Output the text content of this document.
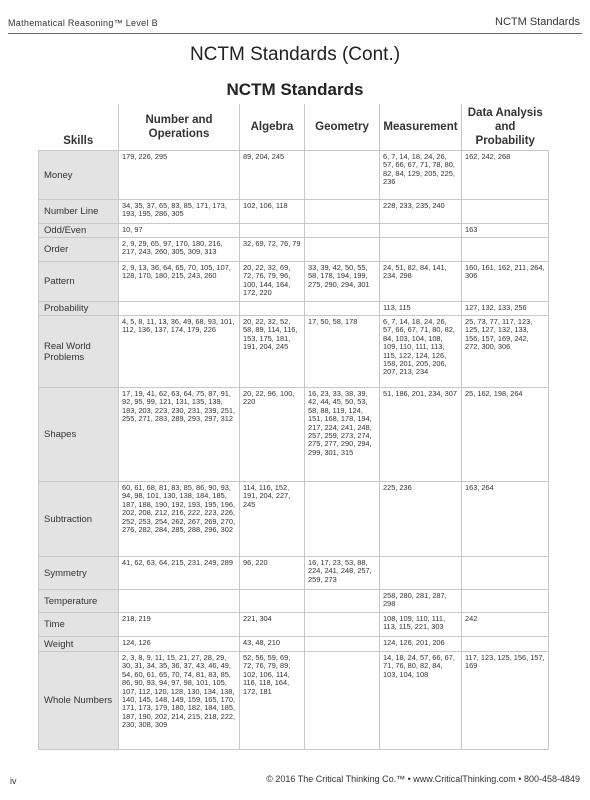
Mathematical Reasoning™ Level B	NCTM Standards
NCTM Standards (Cont.)
NCTM Standards
Skills	Number and Operations	Algebra	Geometry	Measurement	Data Analysis and Probability
Money	179, 226, 295	89, 204, 245		6, 7, 14, 18, 24, 26, 57, 66, 67, 71, 78, 80, 82, 84, 129, 205, 225, 236	162, 242, 268
Number Line	34, 35, 37, 65, 83, 85, 171, 173, 193, 195, 286, 305	102, 106, 118		228, 233, 235, 240	
Odd/Even	10, 97				163
Order	2, 9, 29, 65, 97, 170, 180, 216, 217, 243, 260, 305, 309, 313	32, 69, 72, 76, 79			
Pattern	2, 9, 13, 36, 64, 65, 70, 105, 107, 128, 170, 180, 215, 243, 260	20, 22, 32, 69, 72, 76, 79, 96, 100, 144, 164, 172, 220	33, 39, 42, 50, 55, 58, 178, 194, 199, 275, 290, 294, 301	24, 51, 82, 84, 141, 234, 298	160, 161, 162, 211, 264, 306
Probability				113, 115	127, 132, 133, 256
Real World Problems	4, 5, 8, 11, 13, 36, 49, 68, 93, 101, 112, 136, 137, 174, 179, 226	20, 22, 32, 52, 58, 89, 114, 116, 153, 175, 181, 191, 204, 245	17, 50, 58, 178	6, 7, 14, 18, 24, 26, 57, 66, 67, 71, 80, 82, 84, 103, 104, 108, 109, 110, 111, 113, 115, 122, 124, 126, 158, 201, 205, 206, 207, 213, 234	25, 73, 77, 117, 123, 125, 127, 132, 133, 156, 157, 169, 242, 272, 300, 306
Shapes	17, 19, 41, 62, 63, 64, 75, 87, 91, 92, 95, 99, 121, 131, 135, 139, 183, 203, 223, 230, 231, 239, 251, 255, 271, 283, 289, 293, 297, 312	20, 22, 96, 100, 220	16, 23, 33, 38, 39, 42, 44, 45, 50, 53, 58, 88, 119, 124, 151, 168, 178, 194, 217, 224, 241, 248, 257, 259, 273, 274, 275, 277, 290, 294, 299, 301, 315	51, 186, 201, 234, 307	25, 162, 198, 264
Subtraction	60, 61, 68, 81, 83, 85, 86, 90, 93, 94, 98, 101, 130, 138, 184, 185, 187, 188, 190, 192, 193, 195, 196, 202, 208, 212, 216, 222, 223, 226, 252, 253, 254, 262, 267, 269, 270, 276, 282, 284, 285, 288, 296, 302	114, 116, 152, 191, 204, 227, 245		225, 236	163, 264
Symmetry	41, 62, 63, 64, 215, 231, 249, 289	96, 220	16, 17, 23, 53, 88, 224, 241, 248, 257, 259, 273		
Temperature				258, 280, 281, 287, 298	
Time	218, 219	221, 304		108, 109, 110, 111, 113, 115, 221, 303	242
Weight	124, 126	43, 48, 210		124, 126, 201, 206	
Whole Numbers	2, 3, 8, 9, 11, 15, 21, 27, 28, 29, 30, 31, 34, 35, 36, 37, 43, 46, 49, 54, 60, 61, 65, 70, 74, 81, 83, 85, 86, 90, 93, 94, 97, 98, 101, 105, 107, 112, 120, 128, 130, 134, 138, 140, 145, 148, 149, 159, 165, 170, 171, 173, 179, 180, 182, 184, 185, 187, 190, 202, 214, 215, 218, 222, 230, 308, 309	52, 56, 59, 69, 72, 76, 79, 89, 102, 106, 114, 116, 118, 164, 172, 181		14, 18, 24, 57, 66, 67, 71, 76, 80, 82, 84, 103, 104, 108	117, 123, 125, 156, 157, 169
iv	© 2016 The Critical Thinking Co.™ • www.CriticalThinking.com • 800-458-4849
